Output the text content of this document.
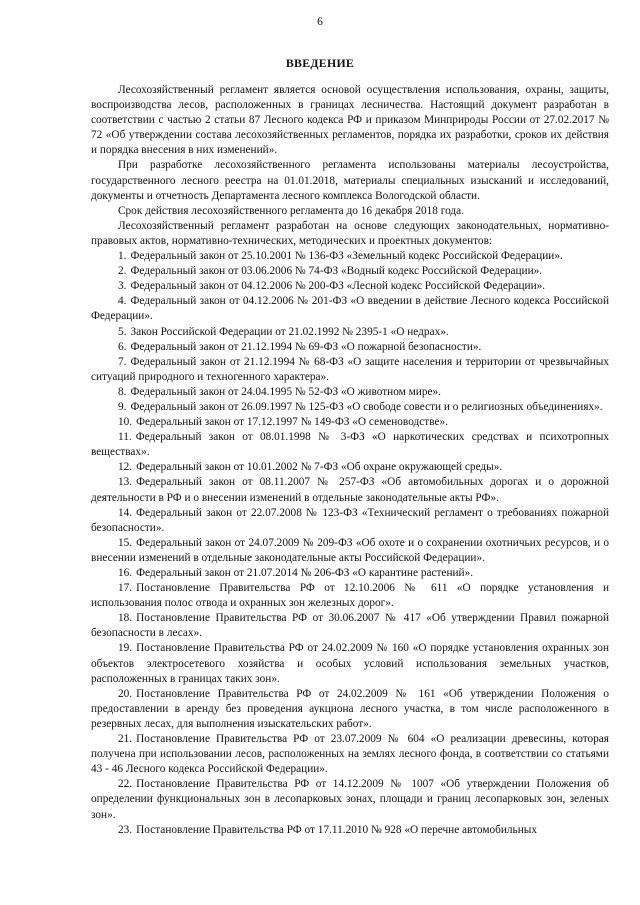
6
ВВЕДЕНИЕ

Лесохозяйственный регламент является основой осуществления использования, охраны, защиты, воспроизводства лесов, расположенных в границах лесничества. Настоящий документ разработан в соответствии с частью 2 статьи 87 Лесного кодекса РФ и приказом Минприроды России от 27.02.2017 № 72 «Об утверждении состава лесохозяйственных регламентов, порядка их разработки, сроков их действия и порядка внесения в них изменений».

При разработке лесохозяйственного регламента использованы материалы лесоустройства, государственного лесного реестра на 01.01.2018, материалы специальных изысканий и исследований, документы и отчетность Департамента лесного комплекса Вологодской области.

Срок действия лесохозяйственного регламента до 16 декабря 2018 года.

Лесохозяйственный регламент разработан на основе следующих законодательных, нормативно-правовых актов, нормативно-технических, методических и проектных документов:

1. Федеральный закон от 25.10.2001 № 136-ФЗ «Земельный кодекс Российской Федерации».
2. Федеральный закон от 03.06.2006 № 74-ФЗ «Водный кодекс Российской Федерации».
3. Федеральный закон от 04.12.2006 № 200-ФЗ «Лесной кодекс Российской Федерации».
4. Федеральный закон от 04.12.2006 № 201-ФЗ «О введении в действие Лесного кодекса Российской Федерации».
5. Закон Российской Федерации от 21.02.1992 № 2395-1 «О недрах».
6. Федеральный закон от 21.12.1994 № 69-ФЗ «О пожарной безопасности».
7. Федеральный закон от 21.12.1994 № 68-ФЗ «О защите населения и территории от чрезвычайных ситуаций природного и техногенного характера».
8. Федеральный закон от 24.04.1995 № 52-ФЗ «О животном мире».
9. Федеральный закон от 26.09.1997 № 125-ФЗ «О свободе совести и о религиозных объединениях».
10. Федеральный закон от 17.12.1997 № 149-ФЗ «О семеноводстве».
11. Федеральный закон от 08.01.1998 № 3-ФЗ «О наркотических средствах и психотропных веществах».
12. Федеральный закон от 10.01.2002 № 7-ФЗ «Об охране окружающей среды».
13. Федеральный закон от 08.11.2007 № 257-ФЗ «Об автомобильных дорогах и о дорожной деятельности в РФ и о внесении изменений в отдельные законодательные акты РФ».
14. Федеральный закон от 22.07.2008 № 123-ФЗ «Технический регламент о требованиях пожарной безопасности».
15. Федеральный закон от 24.07.2009 № 209-ФЗ «Об охоте и о сохранении охотничьих ресурсов, и о внесении изменений в отдельные законодательные акты Российской Федерации».
16. Федеральный закон от 21.07.2014 № 206-ФЗ «О карантине растений».
17. Постановление Правительства РФ от 12.10.2006 № 611 «О порядке установления и использования полос отвода и охранных зон железных дорог».
18. Постановление Правительства РФ от 30.06.2007 № 417 «Об утверждении Правил пожарной безопасности в лесах».
19. Постановление Правительства РФ от 24.02.2009 № 160 «О порядке установления охранных зон объектов электросетевого хозяйства и особых условий использования земельных участков, расположенных в границах таких зон».
20. Постановление Правительства РФ от 24.02.2009 № 161 «Об утверждении Положения о предоставлении в аренду без проведения аукциона лесного участка, в том числе расположенного в резервных лесах, для выполнения изыскательских работ».
21. Постановление Правительства РФ от 23.07.2009 № 604 «О реализации древесины, которая получена при использовании лесов, расположенных на землях лесного фонда, в соответствии со статьями 43 - 46 Лесного кодекса Российской Федерации».
22. Постановление Правительства РФ от 14.12.2009 № 1007 «Об утверждении Положения об определении функциональных зон в лесопарковых зонах, площади и границ лесопарковых зон, зеленых зон».
23. Постановление Правительства РФ от 17.11.2010 № 928 «О перечне автомобильных
